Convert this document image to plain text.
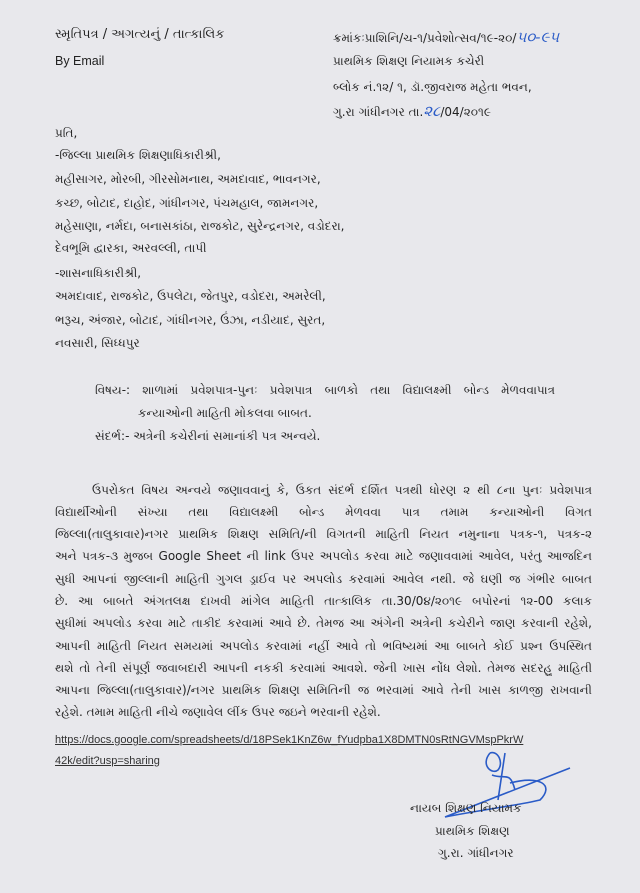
સ્મૃતિપત્ર / અગત્યનું / તાત્કાલિક
By Email
ક્રમાંકઃપ્રાશિનિ/ચ-૧/પ્રવેશોત્સવ/૧૯-૨૦/૫૦-૯૫
પ્રાથમિક શિક્ષણ નિયામક કચેરી
બ્લોક નં.૧૨/ ૧, ડૉ.જીવરાજ મહેતા ભવન,
ગુ.રા ગાંધીનગર તા.૨૮/04/૨૦૧૯
પ્રતિ,
-જિલ્લા પ્રાથમિક શિક્ષણાધિકારીશ્રી,
મહીસાગર, મોરબી, ગીરસોમનાથ, અમદાવાદ, ભાવનગર,
કચ્છ, બોટાદ, દાહોદ, ગાંધીનગર, પંચમહાલ, જામનગર,
મહેસાણા, નર્મદા, બનાસકાંઠા, રાજકોટ, સુરેન્દ્રનગર, વડોદરા,
દેવભૂમિ દ્વારકા, અરવલ્લી, તાપી
-શાસનાધિકારીશ્રી,
અમદાવાદ, રાજકોટ, ઉપલેટા, જેતપુર, વડોદરા, અમરેલી,
ભરૂચ, અંજાર, બોટાદ, ગાંધીનગર, ઉંઝા, નડીયાદ, સુરત,
નવસારી, સિધ્ધપુર
વિષય-: શાળામાં પ્રવેશપાત્ર-પુનઃ પ્રવેશપાત્ર બાળકો તથા વિદ્યાલક્ષ્મી બોન્ડ મેળવવાપાત્ર
કન્યાઓની માહિતી મોકલવા બાબત.
સંદર્ભ:- અત્રેની કચેરીનાં સમાનાંકી પત્ર અન્વયે.
ઉપરોકત વિષય અન્વયે જણાવવાનું કે, ઉકત સંદર્ભ દર્શિત પત્રથી ધોરણ ૨ થી ૮ના પુનઃ પ્રવેશપાત્ર
વિદ્યાર્થીઓની સંખ્યા તથા વિદ્યાલક્ષ્મી બોન્ડ મેળવવા પાત્ર તમામ કન્યાઓની વિગત
જિલ્લા(તાલુકાવાર)નગર પ્રાથમિક શિક્ષણ સમિતિ/ની વિગતની માહિતી નિયત નમુનાના પત્રક-૧, પત્રક-૨
અને પત્રક-૩ મુજબ Google Sheet ની link ઉપર અપલોડ કરવા માટે જણાવવામાં આવેલ, પરંતુ આજદિન
સુધી આપનાં જીલ્લાની માહિતી ગુગલ ડ્રાઈવ પર અપલોડ કરવામાં આવેલ નથી. જે ઘણી જ ગંભીર બાબત
છે. આ બાબતે અંગતલક્ષ દાખવી માંગેલ માહિતી તાત્કાલિક તા.30/0૪/૨૦૧૯ બપોરનાં ૧૨-00 કલાક
સુધીમાં અપલોડ કરવા માટે તાકીદ કરવામાં આવે છે. તેમજ આ અંગેની અત્રેની કચેરીને જાણ કરવાની રહેશે,
આપની માહિતી નિયત સમયમાં અપલોડ કરવામાં નહીં આવે તો ભવિષ્યમાં આ બાબતે કોઈ પ્રશ્ન ઉપસ્થિત
થશે તો તેની સંપૂર્ણ જવાબદારી આપની નકકી કરવામાં આવશે. જેની ખાસ નોંધ લેશો. તેમજ સદરહુ માહિતી
આપના જિલ્લા(તાલુકાવાર)/નગર પ્રાથમિક શિક્ષણ સમિતિની જ ભરવામાં આવે તેની ખાસ કાળજી રાખવાની
રહેશે. તમામ માહિતી નીચે જણાવેલ લીંક ઉપર જઇને ભરવાની રહેશે.
https://docs.google.com/spreadsheets/d/18PSek1KnZ6w_fYudpba1X8DMTN0sRtNGVMspPkrW
42k/edit?usp=sharing
નાયબ શિક્ષણ નિયામક
પ્રાથમિક શિક્ષણ
ગુ.રા. ગાંધીનગર
